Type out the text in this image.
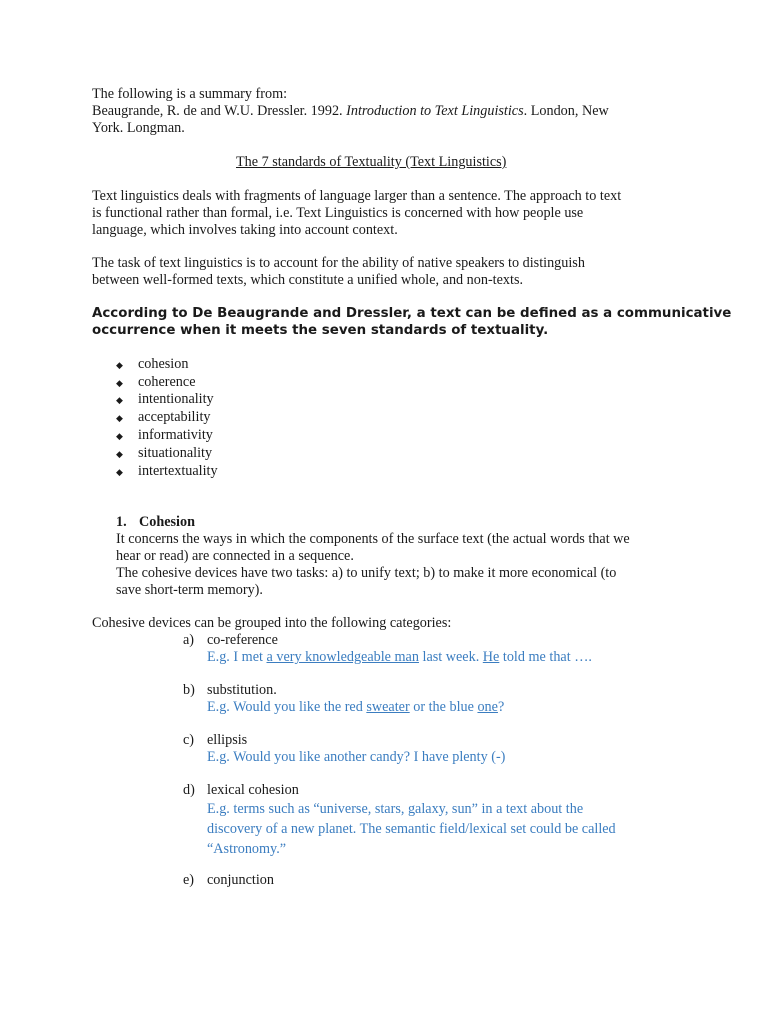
The following is a summary from:
Beaugrande, R. de and W.U. Dressler. 1992. Introduction to Text Linguistics. London, New
York. Longman.
The 7 standards of Textuality (Text Linguistics)
Text linguistics deals with fragments of language larger than a sentence. The approach to text
is functional rather than formal, i.e. Text Linguistics is concerned with how people use
language, which involves taking into account context.
The task of text linguistics is to account for the ability of native speakers to distinguish
between well-formed texts, which constitute a unified whole, and non-texts.
According to De Beaugrande and Dressler, a text can be defined as a communicative
occurrence when it meets the seven standards of textuality.
◆ cohesion
◆ coherence
◆ intentionality
◆ acceptability
◆ informativity
◆ situationality
◆ intertextuality
1. Cohesion
It concerns the ways in which the components of the surface text (the actual words that we
hear or read) are connected in a sequence.
The cohesive devices have two tasks: a) to unify text; b) to make it more economical (to
save short-term memory).
Cohesive devices can be grouped into the following categories:
a) co-reference
E.g. I met a very knowledgeable man last week. He told me that ….
b) substitution.
E.g. Would you like the red sweater or the blue one?
c) ellipsis
E.g. Would you like another candy? I have plenty (-)
d) lexical cohesion
E.g. terms such as “universe, stars, galaxy, sun” in a text about the
discovery of a new planet. The semantic field/lexical set could be called
“Astronomy.”
e) conjunction
